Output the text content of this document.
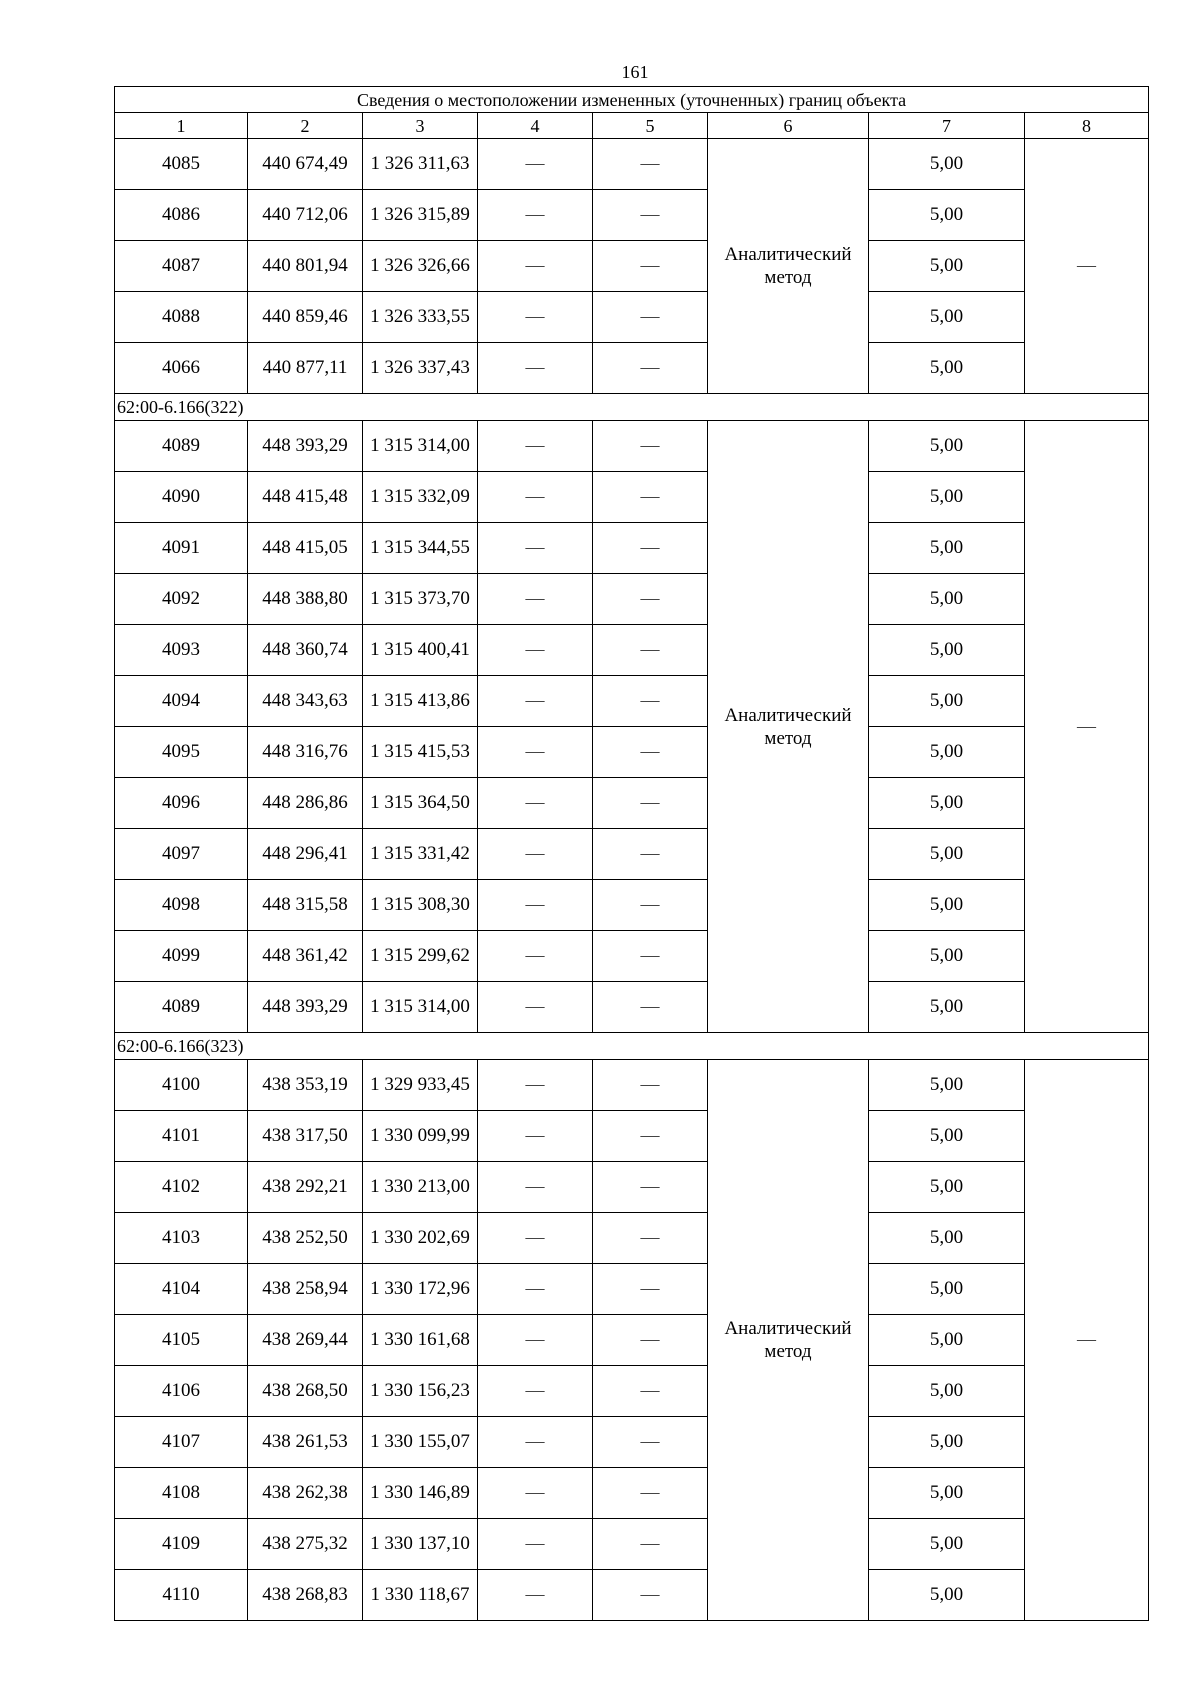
161
Сведения о местоположении измененных (уточненных) границ объекта							
1	2	3	4	5	6	7	8
4085	440 674,49	1 326 311,63	—	—	Аналитический метод	5,00	—
4086	440 712,06	1 326 315,89	—	—		5,00	
4087	440 801,94	1 326 326,66	—	—		5,00	
4088	440 859,46	1 326 333,55	—	—		5,00	
4066	440 877,11	1 326 337,43	—	—		5,00	
62:00-6.166(322)							
4089	448 393,29	1 315 314,00	—	—	Аналитический метод	5,00	—
4090	448 415,48	1 315 332,09	—	—		5,00	
4091	448 415,05	1 315 344,55	—	—		5,00	
4092	448 388,80	1 315 373,70	—	—		5,00	
4093	448 360,74	1 315 400,41	—	—		5,00	
4094	448 343,63	1 315 413,86	—	—		5,00	
4095	448 316,76	1 315 415,53	—	—		5,00	
4096	448 286,86	1 315 364,50	—	—		5,00	
4097	448 296,41	1 315 331,42	—	—		5,00	
4098	448 315,58	1 315 308,30	—	—		5,00	
4099	448 361,42	1 315 299,62	—	—		5,00	
4089	448 393,29	1 315 314,00	—	—		5,00	
62:00-6.166(323)							
4100	438 353,19	1 329 933,45	—	—	Аналитический метод	5,00	—
4101	438 317,50	1 330 099,99	—	—		5,00	
4102	438 292,21	1 330 213,00	—	—		5,00	
4103	438 252,50	1 330 202,69	—	—		5,00	
4104	438 258,94	1 330 172,96	—	—		5,00	
4105	438 269,44	1 330 161,68	—	—		5,00	
4106	438 268,50	1 330 156,23	—	—		5,00	
4107	438 261,53	1 330 155,07	—	—		5,00	
4108	438 262,38	1 330 146,89	—	—		5,00	
4109	438 275,32	1 330 137,10	—	—		5,00	
4110	438 268,83	1 330 118,67	—	—		5,00	
